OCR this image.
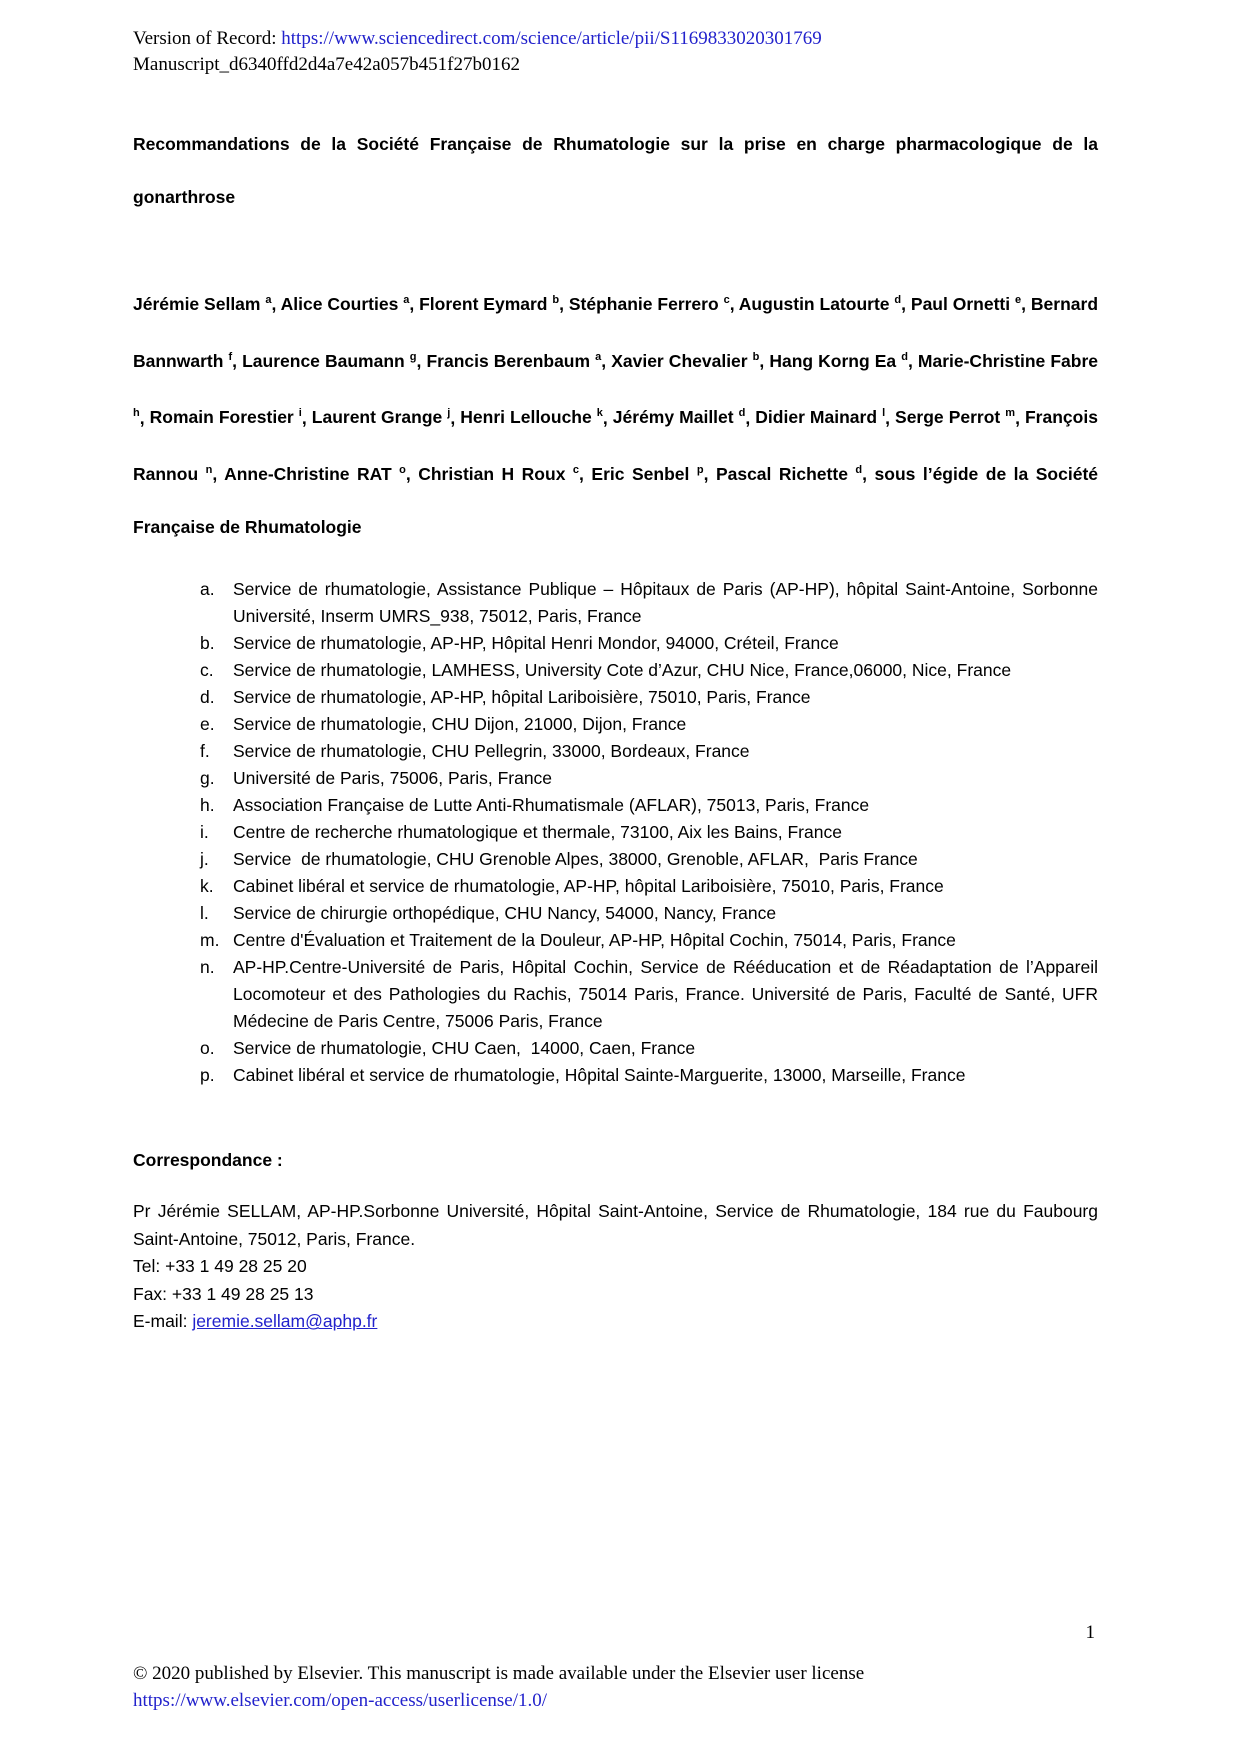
Version of Record: https://www.sciencedirect.com/science/article/pii/S1169833020301769
Manuscript_d6340ffd2d4a7e42a057b451f27b0162
Recommandations de la Société Française de Rhumatologie sur la prise en charge pharmacologique de la gonarthrose

Jérémie Sellam $^a$, Alice Courties $^a$, Florent Eymard $^b$, Stéphanie Ferrero $^c$, Augustin Latourte $^d$, Paul Ornetti $^e$, Bernard Bannwarth $^f$, Laurence Baumann $^g$, Francis Berenbaum $^a$, Xavier Chevalier $^b$, Hang Korng Ea $^d$, Marie-Christine Fabre $^h$, Romain Forestier $^i$, Laurent Grange $^j$, Henri Lellouche $^k$, Jérémy Maillet $^d$, Didier Mainard $^l$, Serge Perrot $^m$, François Rannou $^n$, Anne-Christine RAT $^o$, Christian H Roux $^c$, Eric Senbel $^p$, Pascal Richette $^d$, sous l’égide de la Société Française de Rhumatologie

a.	Service de rhumatologie, Assistance Publique – Hôpitaux de Paris (AP-HP), hôpital Saint-Antoine, Sorbonne Université, Inserm UMRS_938, 75012, Paris, France
b.	Service de rhumatologie, AP-HP, Hôpital Henri Mondor, 94000, Créteil, France
c.	Service de rhumatologie, LAMHESS, University Cote d’Azur, CHU Nice, France,06000, Nice, France
d.	Service de rhumatologie, AP-HP, hôpital Lariboisière, 75010, Paris, France
e.	Service de rhumatologie, CHU Dijon, 21000, Dijon, France
f.	Service de rhumatologie, CHU Pellegrin, 33000, Bordeaux, France
g.	Université de Paris, 75006, Paris, France
h.	Association Française de Lutte Anti-Rhumatismale (AFLAR), 75013, Paris, France
i.	Centre de recherche rhumatologique et thermale, 73100, Aix les Bains, France
j.	Service  de rhumatologie, CHU Grenoble Alpes, 38000, Grenoble, AFLAR,  Paris France
k.	Cabinet libéral et service de rhumatologie, AP-HP, hôpital Lariboisière, 75010, Paris, France
l.	Service de chirurgie orthopédique, CHU Nancy, 54000, Nancy, France
m. Centre d'Évaluation et Traitement de la Douleur, AP-HP, Hôpital Cochin, 75014, Paris, France
n.	AP-HP.Centre-Université de Paris, Hôpital Cochin, Service de Rééducation et de Réadaptation de l’Appareil Locomoteur et des Pathologies du Rachis, 75014 Paris, France. Université de Paris, Faculté de Santé, UFR Médecine de Paris Centre, 75006 Paris, France
o.	Service de rhumatologie, CHU Caen,  14000, Caen, France
p.	Cabinet libéral et service de rhumatologie, Hôpital Sainte-Marguerite, 13000, Marseille, France
Correspondance :

Pr Jérémie SELLAM, AP-HP.Sorbonne Université, Hôpital Saint-Antoine, Service de Rhumatologie, 184 rue du Faubourg Saint-Antoine, 75012, Paris, France.

Tel: +33 1 49 28 25 20

Fax: +33 1 49 28 25 13

E-mail: jeremie.sellam@aphp.fr

1
© 2020 published by Elsevier. This manuscript is made available under the Elsevier user license
https://www.elsevier.com/open-access/userlicense/1.0/
